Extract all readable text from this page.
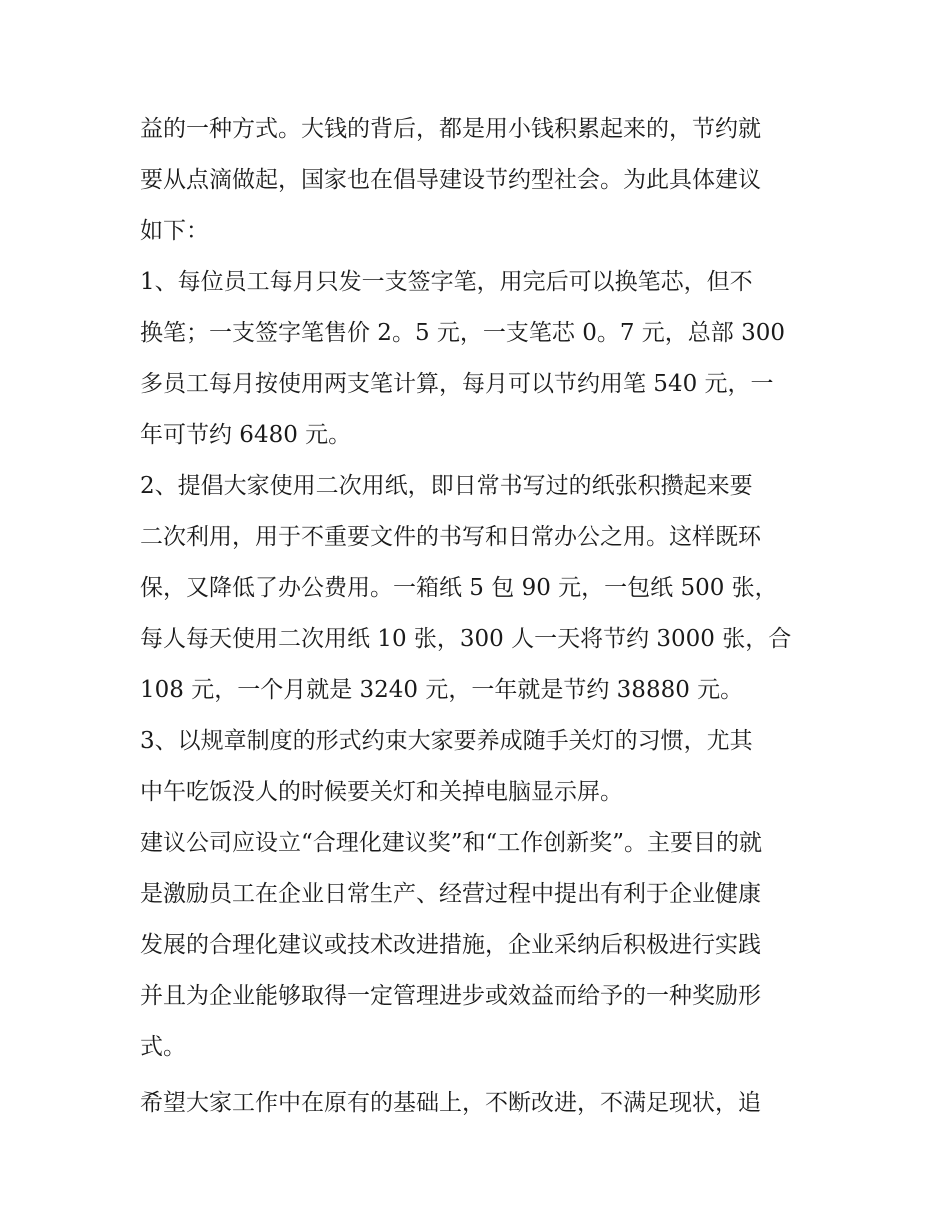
益的一种方式。大钱的背后，都是用小钱积累起来的，节约就
要从点滴做起，国家也在倡导建设节约型社会。为此具体建议
如下：
1、每位员工每月只发一支签字笔，用完后可以换笔芯，但不
换笔；一支签字笔售价 2。5 元，一支笔芯 0。7 元，总部 300
多员工每月按使用两支笔计算，每月可以节约用笔 540 元，一
年可节约 6480 元。
2、提倡大家使用二次用纸，即日常书写过的纸张积攒起来要
二次利用，用于不重要文件的书写和日常办公之用。这样既环
保，又降低了办公费用。一箱纸 5 包 90 元，一包纸 500 张，
每人每天使用二次用纸 10 张，300 人一天将节约 3000 张，合
108 元，一个月就是 3240 元，一年就是节约 38880 元。
3、以规章制度的形式约束大家要养成随手关灯的习惯，尤其
中午吃饭没人的时候要关灯和关掉电脑显示屏。
建议公司应设立“合理化建议奖”和“工作创新奖”。主要目的就
是激励员工在企业日常生产、经营过程中提出有利于企业健康
发展的合理化建议或技术改进措施，企业采纳后积极进行实践
并且为企业能够取得一定管理进步或效益而给予的一种奖励形
式。
希望大家工作中在原有的基础上，不断改进，不满足现状，追
